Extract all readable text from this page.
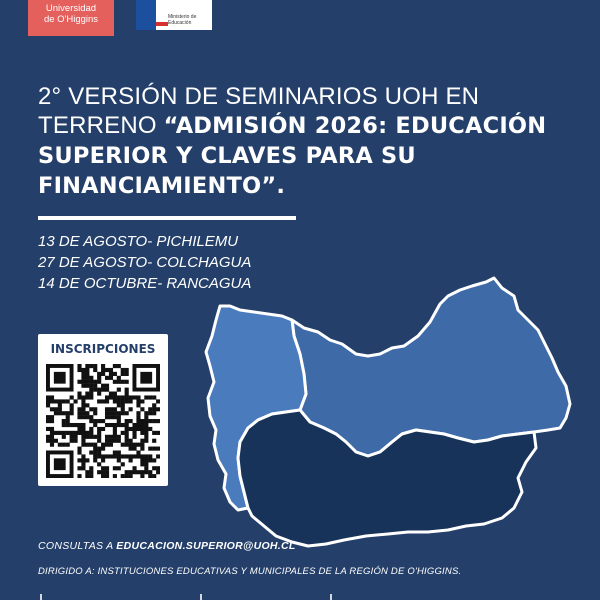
Universidad
de O'Higgins	Ministerio de
Educación
2° VERSIÓN DE SEMINARIOS UOH EN TERRENO “ADMISIÓN 2026: EDUCACIÓN SUPERIOR Y CLAVES PARA SU FINANCIAMIENTO”.
13 DE AGOSTO- PICHILEMU
27 DE AGOSTO- COLCHAGUA
14 DE OCTUBRE- RANCAGUA
INSCRIPCIONES
CONSULTAS A EDUCACION.SUPERIOR@UOH.CL
DIRIGIDO A: INSTITUCIONES EDUCATIVAS Y MUNICIPALES DE LA REGIÓN DE O'HIGGINS.
